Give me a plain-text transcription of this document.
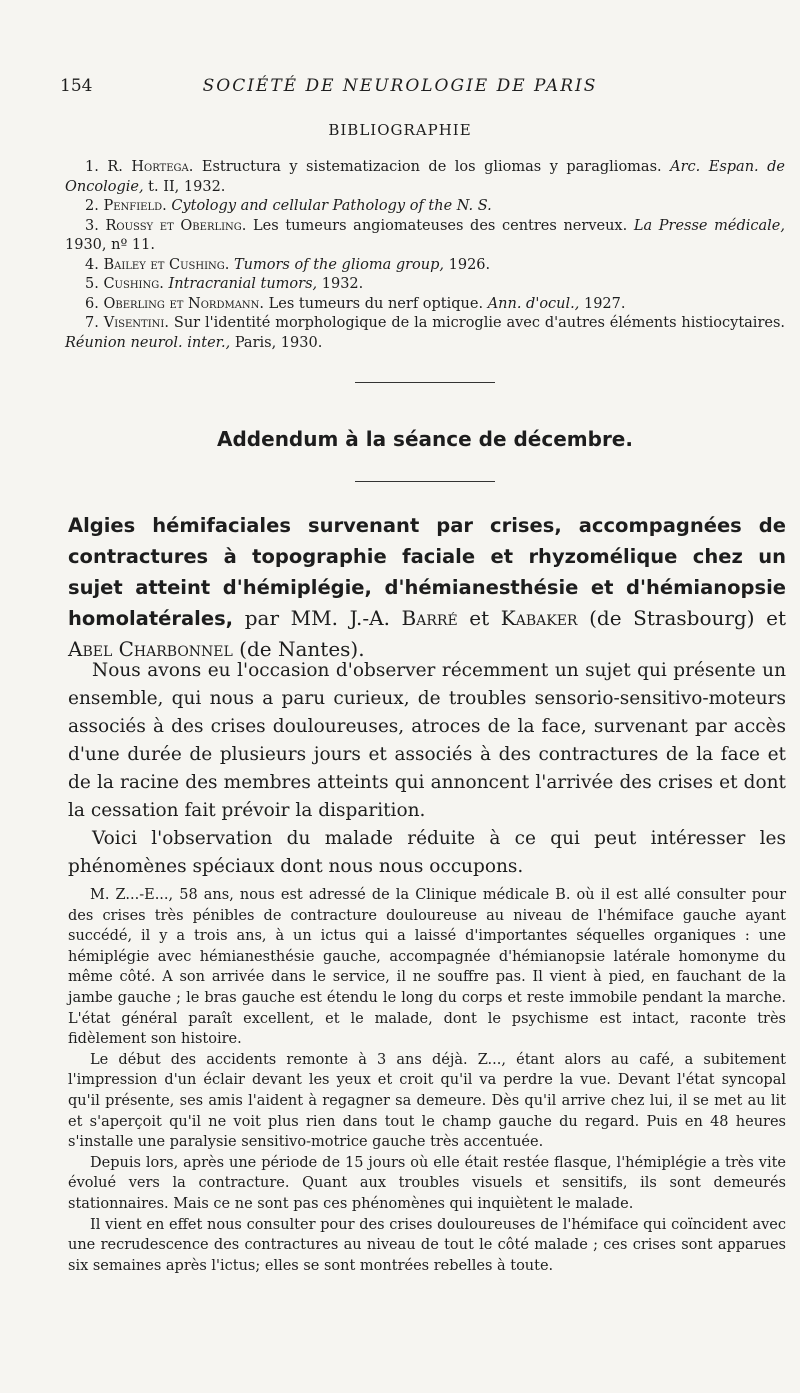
154	SOCIÉTÉ DE NEUROLOGIE DE PARIS
BIBLIOGRAPHIE

1. R. Hortega. Estructura y sistematizacion de los gliomas y paragliomas. Arc. Espan. de Oncologie, t. II, 1932.

2. Penfield. Cytology and cellular Pathology of the N. S.

3. Roussy et Oberling. Les tumeurs angiomateuses des centres nerveux. La Presse médicale, 1930, nº 11.

4. Bailey et Cushing. Tumors of the glioma group, 1926.

5. Cushing. Intracranial tumors, 1932.

6. Oberling et Nordmann. Les tumeurs du nerf optique. Ann. d'ocul., 1927.

7. Visentini. Sur l'identité morphologique de la microglie avec d'autres éléments histiocytaires. Réunion neurol. inter., Paris, 1930.

Addendum à la séance de décembre.
Algies hémifaciales survenant par crises, accompagnées de contractures à topographie faciale et rhyzomélique chez un sujet atteint d'hémiplégie, d'hémianesthésie et d'hémianopsie homolatérales, par MM. J.-A. Barré et Kabaker (de Strasbourg) et Abel Charbonnel (de Nantes).

Nous avons eu l'occasion d'observer récemment un sujet qui présente un ensemble, qui nous a paru curieux, de troubles sensorio-sensitivo-moteurs associés à des crises douloureuses, atroces de la face, survenant par accès d'une durée de plusieurs jours et associés à des contractures de la face et de la racine des membres atteints qui annoncent l'arrivée des crises et dont la cessation fait prévoir la disparition.

Voici l'observation du malade réduite à ce qui peut intéresser les phénomènes spéciaux dont nous nous occupons.

M. Z...-E..., 58 ans, nous est adressé de la Clinique médicale B. où il est allé consulter pour des crises très pénibles de contracture douloureuse au niveau de l'hémiface gauche ayant succédé, il y a trois ans, à un ictus qui a laissé d'importantes séquelles organiques : une hémiplégie avec hémianesthésie gauche, accompagnée d'hémianopsie latérale homonyme du même côté. A son arrivée dans le service, il ne souffre pas. Il vient à pied, en fauchant de la jambe gauche ; le bras gauche est étendu le long du corps et reste immobile pendant la marche. L'état général paraît excellent, et le malade, dont le psychisme est intact, raconte très fidèlement son histoire.

Le début des accidents remonte à 3 ans déjà. Z..., étant alors au café, a subitement l'impression d'un éclair devant les yeux et croit qu'il va perdre la vue. Devant l'état syncopal qu'il présente, ses amis l'aident à regagner sa demeure. Dès qu'il arrive chez lui, il se met au lit et s'aperçoit qu'il ne voit plus rien dans tout le champ gauche du regard. Puis en 48 heures s'installe une paralysie sensitivo-motrice gauche très accentuée.

Depuis lors, après une période de 15 jours où elle était restée flasque, l'hémiplégie a très vite évolué vers la contracture. Quant aux troubles visuels et sensitifs, ils sont demeurés stationnaires. Mais ce ne sont pas ces phénomènes qui inquiètent le malade.

Il vient en effet nous consulter pour des crises douloureuses de l'hémiface qui coïncident avec une recrudescence des contractures au niveau de tout le côté malade ; ces crises sont apparues six semaines après l'ictus; elles se sont montrées rebelles à toute.
